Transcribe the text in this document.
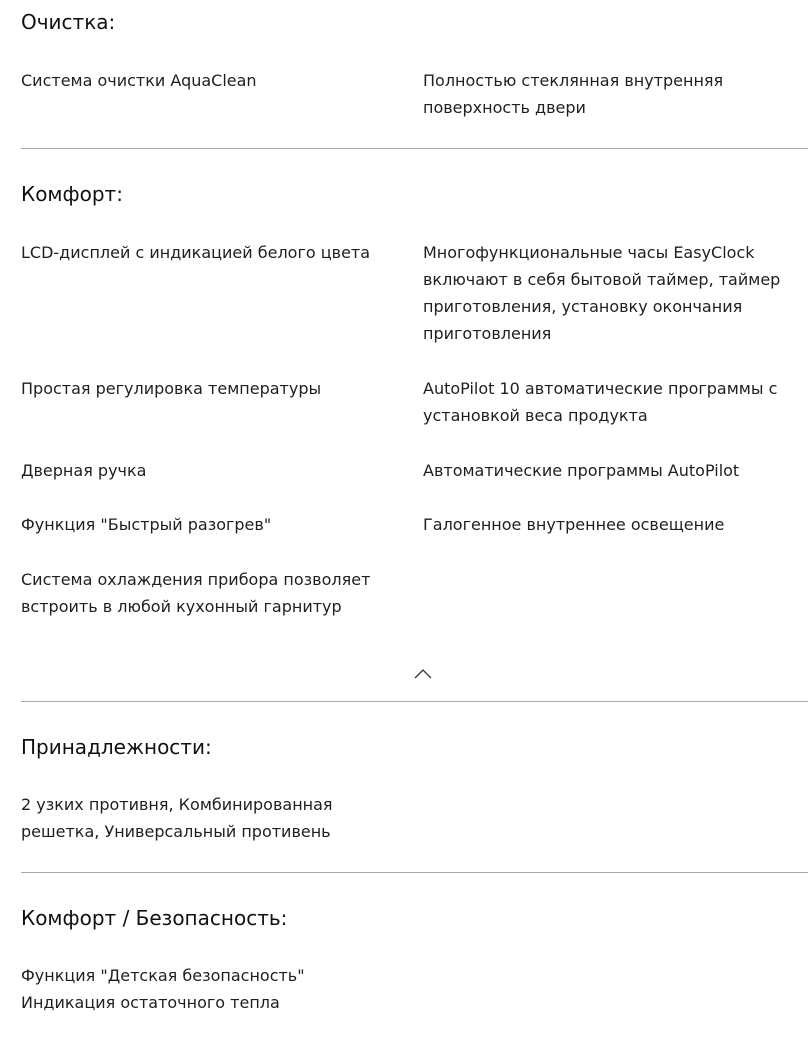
Очистка:

Система очистки AquaClean	Полностью стеклянная внутренняя поверхность двери

Комфорт:

LCD-дисплей с индикацией белого цвета	Многофункциональные часы EasyClock включают в себя бытовой таймер, таймер приготовления, установку окончания приготовления

Простая регулировка температуры	AutoPilot 10 автоматические программы с установкой веса продукта

Дверная ручка	Автоматические программы AutoPilot

Функция "Быстрый разогрев"	Галогенное внутреннее освещение

Система охлаждения прибора позволяет встроить в любой кухонный гарнитур

Принадлежности:

2 узких противня, Комбинированная решетка, Универсальный противень

Комфорт / Безопасность:

Функция "Детская безопасность"

Индикация остаточного тепла
